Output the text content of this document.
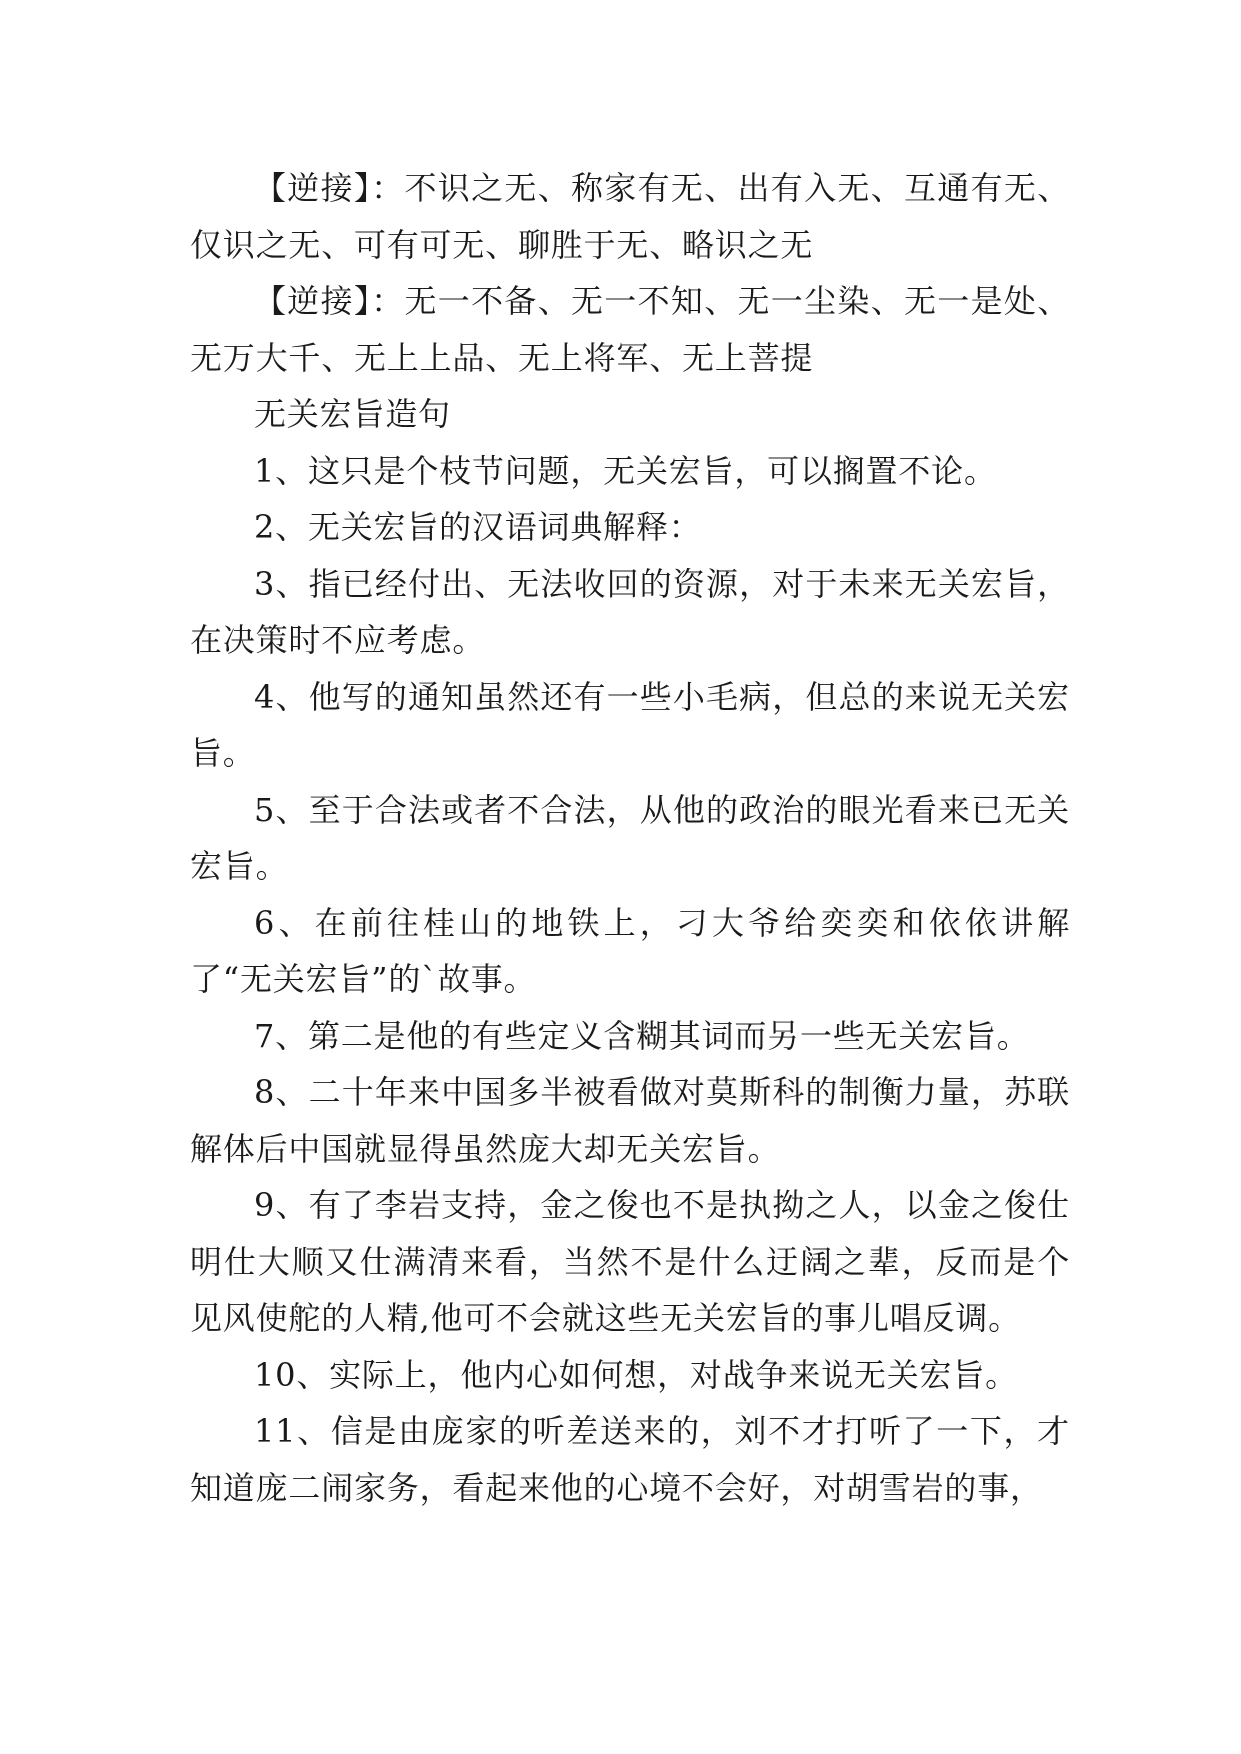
【逆接】：不识之无、称家有无、出有入无、互通有无、仅识之无、可有可无、聊胜于无、略识之无

【逆接】：无一不备、无一不知、无一尘染、无一是处、无万大千、无上上品、无上将军、无上菩提

无关宏旨造句

1、这只是个枝节问题，无关宏旨，可以搁置不论。

2、无关宏旨的汉语词典解释：

3、指已经付出、无法收回的资源，对于未来无关宏旨，在决策时不应考虑。

4、他写的通知虽然还有一些小毛病，但总的来说无关宏旨。

5、至于合法或者不合法，从他的政治的眼光看来已无关宏旨。

6、在前往桂山的地铁上，刁大爷给奕奕和依依讲解了“无关宏旨”的`故事。

7、第二是他的有些定义含糊其词而另一些无关宏旨。

8、二十年来中国多半被看做对莫斯科的制衡力量，苏联解体后中国就显得虽然庞大却无关宏旨。

9、有了李岩支持，金之俊也不是执拗之人，以金之俊仕明仕大顺又仕满清来看，当然不是什么迂阔之辈，反而是个见风使舵的人精,他可不会就这些无关宏旨的事儿唱反调。

10、实际上，他内心如何想，对战争来说无关宏旨。

11、信是由庞家的听差送来的，刘不才打听了一下，才知道庞二闹家务，看起来他的心境不会好，对胡雪岩的事，
